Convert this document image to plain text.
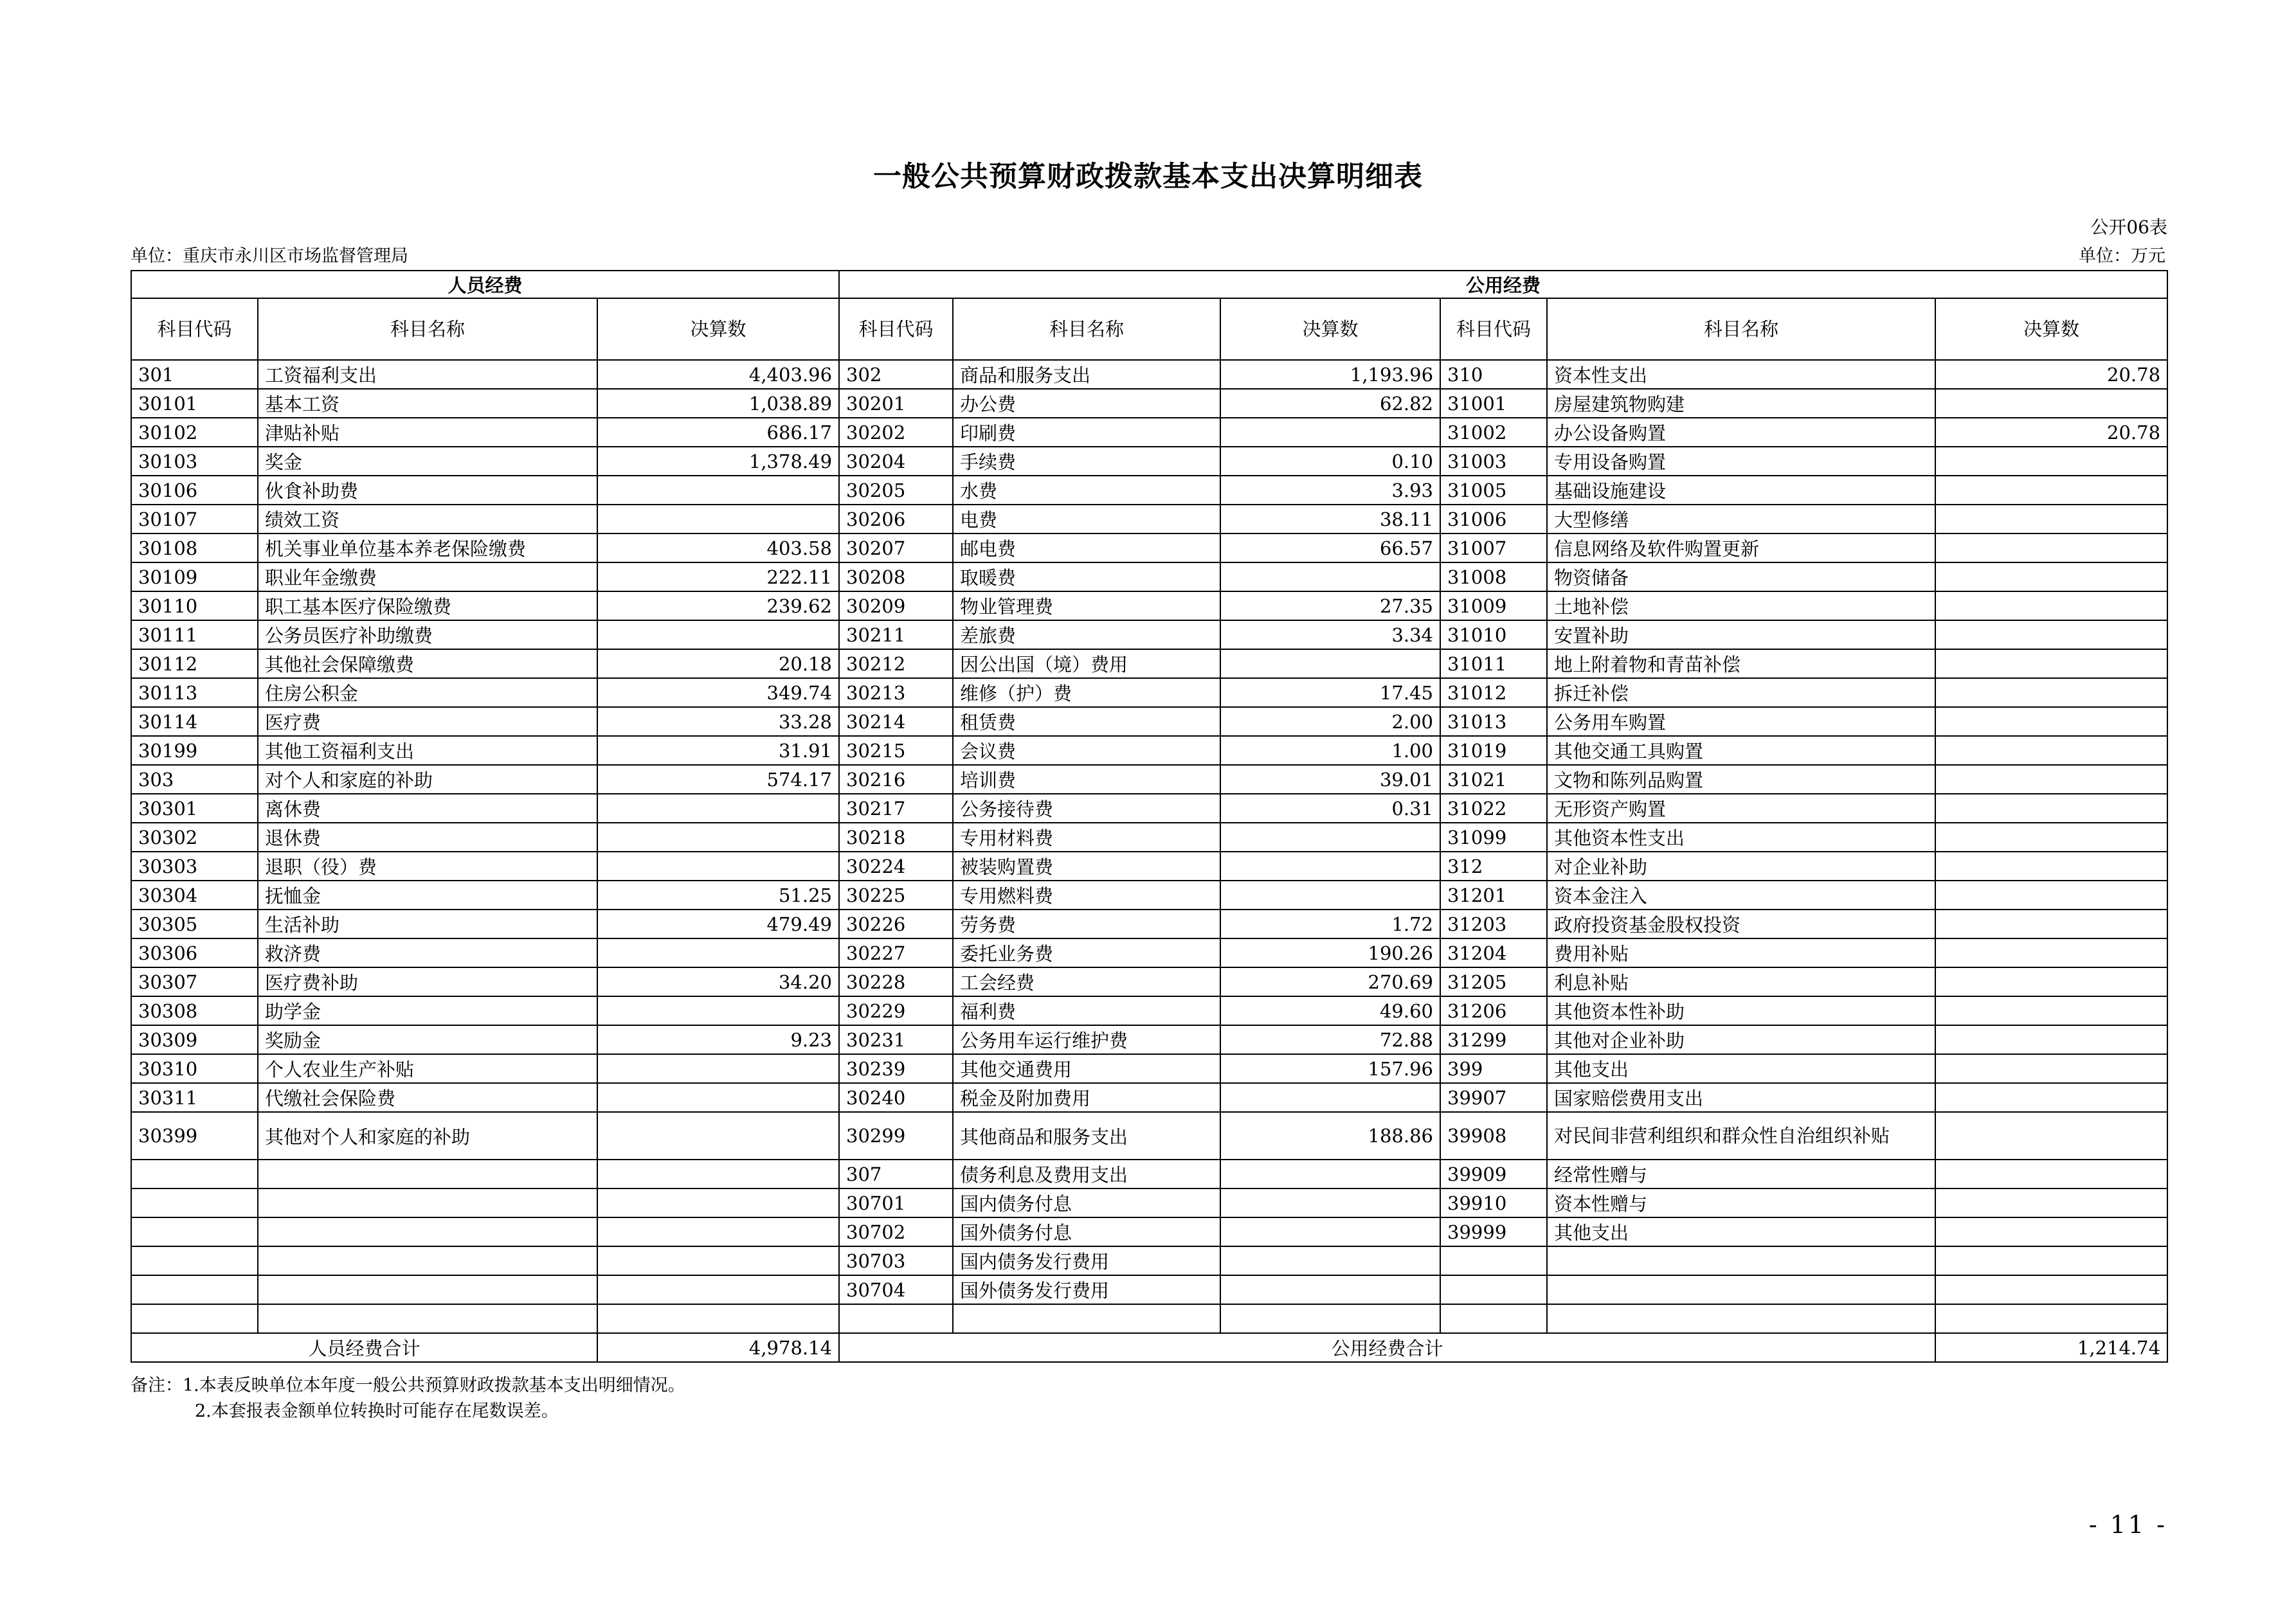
一般公共预算财政拨款基本支出决算明细表
公开06表
单位：重庆市永川区市场监督管理局	单位：万元
人员经费			公用经费					
科目代码	科目名称	决算数	科目代码	科目名称	决算数	科目代码	科目名称	决算数
301	工资福利支出	4,403.96	302	商品和服务支出	1,193.96	310	资本性支出	20.78
30101	基本工资	1,038.89	30201	办公费	62.82	31001	房屋建筑物购建	
30102	津贴补贴	686.17	30202	印刷费		31002	办公设备购置	20.78
30103	奖金	1,378.49	30204	手续费	0.10	31003	专用设备购置	
30106	伙食补助费		30205	水费	3.93	31005	基础设施建设	
30107	绩效工资		30206	电费	38.11	31006	大型修缮	
30108	机关事业单位基本养老保险缴费	403.58	30207	邮电费	66.57	31007	信息网络及软件购置更新	
30109	职业年金缴费	222.11	30208	取暖费		31008	物资储备	
30110	职工基本医疗保险缴费	239.62	30209	物业管理费	27.35	31009	土地补偿	
30111	公务员医疗补助缴费		30211	差旅费	3.34	31010	安置补助	
30112	其他社会保障缴费	20.18	30212	因公出国（境）费用		31011	地上附着物和青苗补偿	
30113	住房公积金	349.74	30213	维修（护）费	17.45	31012	拆迁补偿	
30114	医疗费	33.28	30214	租赁费	2.00	31013	公务用车购置	
30199	其他工资福利支出	31.91	30215	会议费	1.00	31019	其他交通工具购置	
303	对个人和家庭的补助	574.17	30216	培训费	39.01	31021	文物和陈列品购置	
30301	离休费		30217	公务接待费	0.31	31022	无形资产购置	
30302	退休费		30218	专用材料费		31099	其他资本性支出	
30303	退职（役）费		30224	被装购置费		312	对企业补助	
30304	抚恤金	51.25	30225	专用燃料费		31201	资本金注入	
30305	生活补助	479.49	30226	劳务费	1.72	31203	政府投资基金股权投资	
30306	救济费		30227	委托业务费	190.26	31204	费用补贴	
30307	医疗费补助	34.20	30228	工会经费	270.69	31205	利息补贴	
30308	助学金		30229	福利费	49.60	31206	其他资本性补助	
30309	奖励金	9.23	30231	公务用车运行维护费	72.88	31299	其他对企业补助	
30310	个人农业生产补贴		30239	其他交通费用	157.96	399	其他支出	
30311	代缴社会保险费		30240	税金及附加费用		39907	国家赔偿费用支出	
30399	其他对个人和家庭的补助		30299	其他商品和服务支出	188.86	39908	对民间非营利组织和群众性自治组织补贴	
			307	债务利息及费用支出		39909	经常性赠与	
			30701	国内债务付息		39910	资本性赠与	
			30702	国外债务付息		39999	其他支出	
			30703	国内债务发行费用				
			30704	国外债务发行费用				

人员经费合计		4,978.14	公用经费合计					1,214.74
备注：1.本表反映单位本年度一般公共预算财政拨款基本支出明细情况。
2.本套报表金额单位转换时可能存在尾数误差。
- 11 -
